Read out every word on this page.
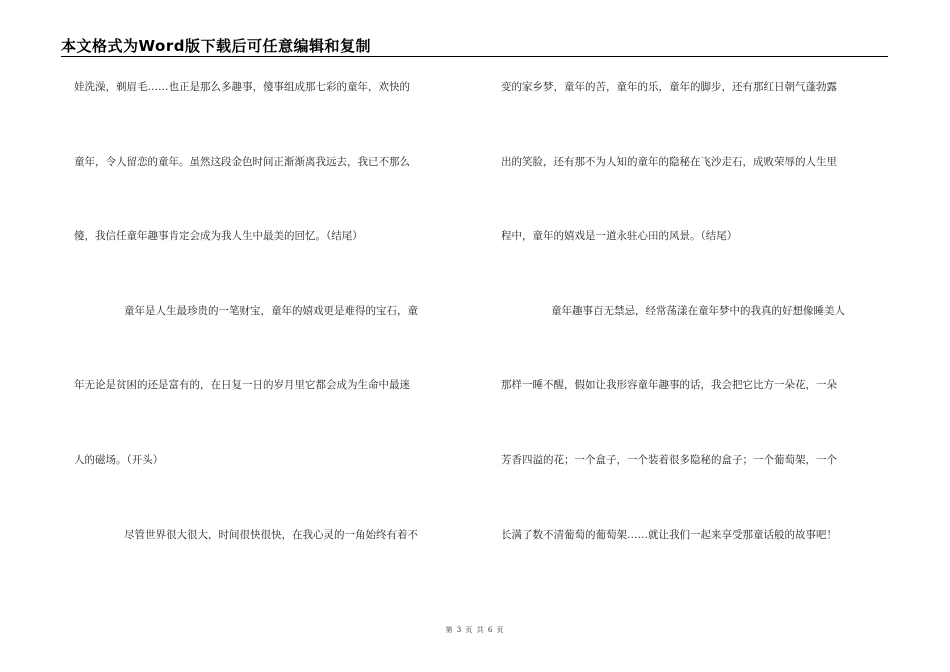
本文格式为Word版下载后可任意编辑和复制
娃洗澡，剃眉毛……也正是那么多趣事，傻事组成那七彩的童年，欢快的
童年，令人留恋的童年。虽然这段金色时间正渐渐离我远去，我已不那么
傻，我信任童年趣事肯定会成为我人生中最美的回忆。（结尾）
童年是人生最珍贵的一笔财宝，童年的嬉戏更是难得的宝石，童
年无论是贫困的还是富有的，在日复一日的岁月里它都会成为生命中最迷
人的磁场。（开头）
尽管世界很大很大，时间很快很快，在我心灵的一角始终有着不
变的家乡梦，童年的苦，童年的乐，童年的脚步，还有那红日朝气蓬勃露
出的笑脸，还有那不为人知的童年的隐秘在飞沙走石，成败荣辱的人生里
程中，童年的嬉戏是一道永驻心田的风景。（结尾）
童年趣事百无禁忌，经常荡漾在童年梦中的我真的好想像睡美人
那样一睡不醒，假如让我形容童年趣事的话，我会把它比方一朵花，一朵
芳香四溢的花；一个盒子，一个装着很多隐秘的盒子；一个葡萄架，一个
长满了数不清葡萄的葡萄架……就让我们一起来享受那童话般的故事吧！
第 3 页 共 6 页
